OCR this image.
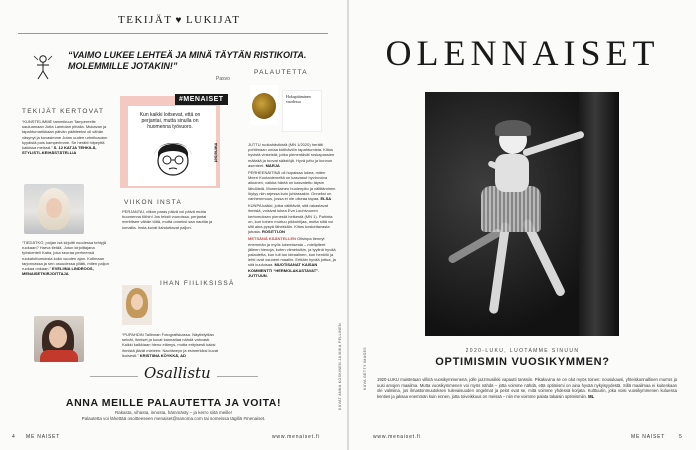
TEKIJÄT ♥ LUKIJAT
“VAIMO LUKEE LEHTEÄ JA MINÄ TÄYTÄN RISTIKOITA. MOLEMMILLE JOTAKIN!”
Pasvo
TEKIJÄT KERTOVAT
“KUNSTELIMME tammikuun Tampereelle sauluamaan Jutta Laintolan pihalla. Mukavan ja tapahtumarikkaan päivän päätteeksi oli vähän väsynyt ja kuvasimme Jutan uuden urheiluauton kyydistä pois kamperimme. Se herätti hilpeyttä kaikissa meissä.” S. 12 KATJA TEHKILÄ, STYLISTI–KEIHÄSTÄTELLIA
“TIEDÄTKÖ, poijan isä kirjoitti vuodessa tehtyjä ruokaan? Harva tietää. Jutun kirjoittajana työskenteli Katia, joka seuraa perheensä ruokatottumuksia koko vuoden ajan. Kotimaan tarjonnassa ja sen osuudessa yllätti, miten paljon ruokaa onkaan.” EVELIINA LINDROOS, MENAISETKIRJOITTAJA
#MENAISET
Kun kaikki loitsevat, että on perjantai, mutta sinulla on huomenna työvuoro.
menaiset
VIIKON INSTA
PERJANTAI, viikon paras päivä voi päivä mutta huomenna töihin! Jos teksti vuoroissa, perjantai merkitsee vähän töitä, mutta onneksi saa nauttia ja lomailla. Insta-kuvat ilahduttavat paljon.
IHAN FIILIKSISSÄ
“PUPAHDIN Tallinnan Fotografiskassa. Näyttelytilan seinät, ihmiset ja kuvat kannattaa nähdä vahvasti. Kaikki kaikkiaan hieno elämys, mutta erityisesti kaksi ihmistä jäivät mieleen: Nachtweyn ja esimerkiksi kuvat ikuisesti.” KRISTIINA KÖYKKÄ, AD
PALAUTETTA
Hokapitäminen vuodessa

JUTTU ruokahävikistä (MN 1/2020) herätti pohtimaan omaa kotihäviön tapahtumista. Kiitos hyvistä vinkeistä, jotka pienentävät roskapussien määrää ja tuovat säästöjä. Hyvä juttu ja kunnon asenteet. MARJA

PERHEENÄITINÄ oli hupaisaa lukea, miten Meeri Koutaniemeltä on kasvanut hyvinvoiva aikuinen, vaikka häntä on kasvatettu täysin lähdöistä. Monenlainen huolenpito ja välittäminen löytyy niin arjessa kuin juhlassakin. Onneksi on vanhemmuus, jossa ei ole oikeaa tapaa. ELSA

KUNPA kaikki, jotka välittävät, sitä rakastavat ihmisiä, voisivat lukea Eva Louhivuoren kertomuksen pienestä hetkestä (MN 1). Pahinta on, kun toinen murtuu pikkuhiljaa, mutta siltä voi silti aina pysyä lähekkäin. Kiitos koskettavasta jutusta. ROSITTI.ON

METSÄNÄ KÄÄNTELLEN Olisinpa tiennyt enemmän ja myös lukemisesta – mielipiteet jälleen hienoja, kuten viimeksikin, ja tyylinä hyvää palautetta, kun tuli tuo ideaalinen, kun henkilö ja lehti ovat osuneet maaliin. Erittäin hyvää juttua, ja sitä kuuluisaa. MUOTISANAT KAISAN KOMMENTTI “HERMOLAKASTAVAT”. JUTTUUN.

Osallistu
ANNA MEILLE PALAUTETTA JA VOITA!
Rakasta, vihasta, innosta, hämmästy – ja kerro siitä meille!
Palautetta voi lähettää osoitteeseen menaiset@sanoma.com tai someissa tägillä #menaiset.
4 ME NAISET	www.menaiset.fi
KUVAT ANNA KOSKINEN JA MIKA PELLINEN
OLENNAISET
2020-LUKU, LUOTAMME SINUUN
OPTIMISMIN VUOSIKYMMEN?
1920-LUKU muistetaan villinä vuosikymmenenä, jolle jazzmusiikki vapautti tanssiin. Pikakuvina se on olut myös toinen: nousukausi, yhteiskunnallinen murros ja uusi arvojen maailma. Mutta vuosikymmenen voi myös nähdä – jotta voimme nähdä, että optimismi on aina hyvää nykyisyydestä. Sillä maailmaa ei kuitenkaan ole valmiina, jos ilmastonmuutoksen tulevaisuuden ongelmat ja pelot ovat se, mitä voimme yhdessä korjata. Kulttuurin, joka voisi vuosikymmenen kuluessa kenties ja jaksaa enemmän kuin ennen, jotta toiveikkuus on meissä – niin me voimme palata takaisin optimismiin. ML
www.menaiset.fi	ME NAISET	5
KUVA GETTY IMAGES
